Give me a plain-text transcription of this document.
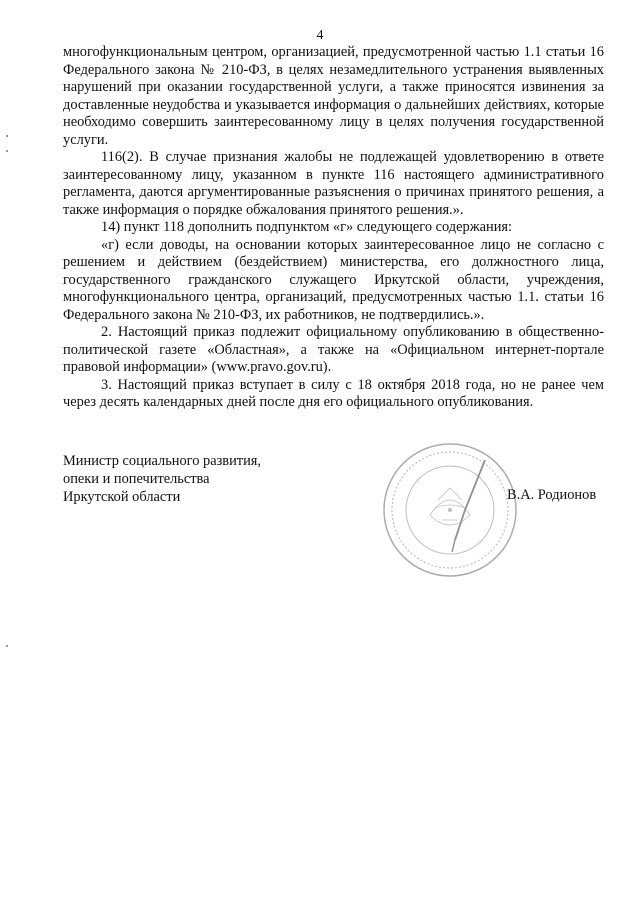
4

многофункциональным центром, организацией, предусмотренной частью 1.1 статьи 16 Федерального закона № 210-ФЗ, в целях незамедлительного устранения выявленных нарушений при оказании государственной услуги, а также приносятся извинения за доставленные неудобства и указывается информация о дальнейших действиях, которые необходимо совершить заинтересованному лицу в целях получения государственной услуги.

116(2). В случае признания жалобы не подлежащей удовлетворению в ответе заинтересованному лицу, указанном в пункте 116 настоящего административного регламента, даются аргументированные разъяснения о причинах принятого решения, а также информация о порядке обжалования принятого решения.».

14) пункт 118 дополнить подпунктом «г» следующего содержания:

«г) если доводы, на основании которых заинтересованное лицо не согласно с решением и действием (бездействием) министерства, его должностного лица, государственного гражданского служащего Иркутской области, учреждения, многофункционального центра, организаций, предусмотренных частью 1.1. статьи 16 Федерального закона № 210-ФЗ, их работников, не подтвердились.».

2. Настоящий приказ подлежит официальному опубликованию в общественно-политической газете «Областная», а также на «Официальном интернет-портале правовой информации» (www.pravo.gov.ru).

3. Настоящий приказ вступает в силу с 18 октября 2018 года, но не ранее чем через десять календарных дней после дня его официального опубликования.

Министр социального развития,
опеки и попечительства
Иркутской области	В.А. Родионов
